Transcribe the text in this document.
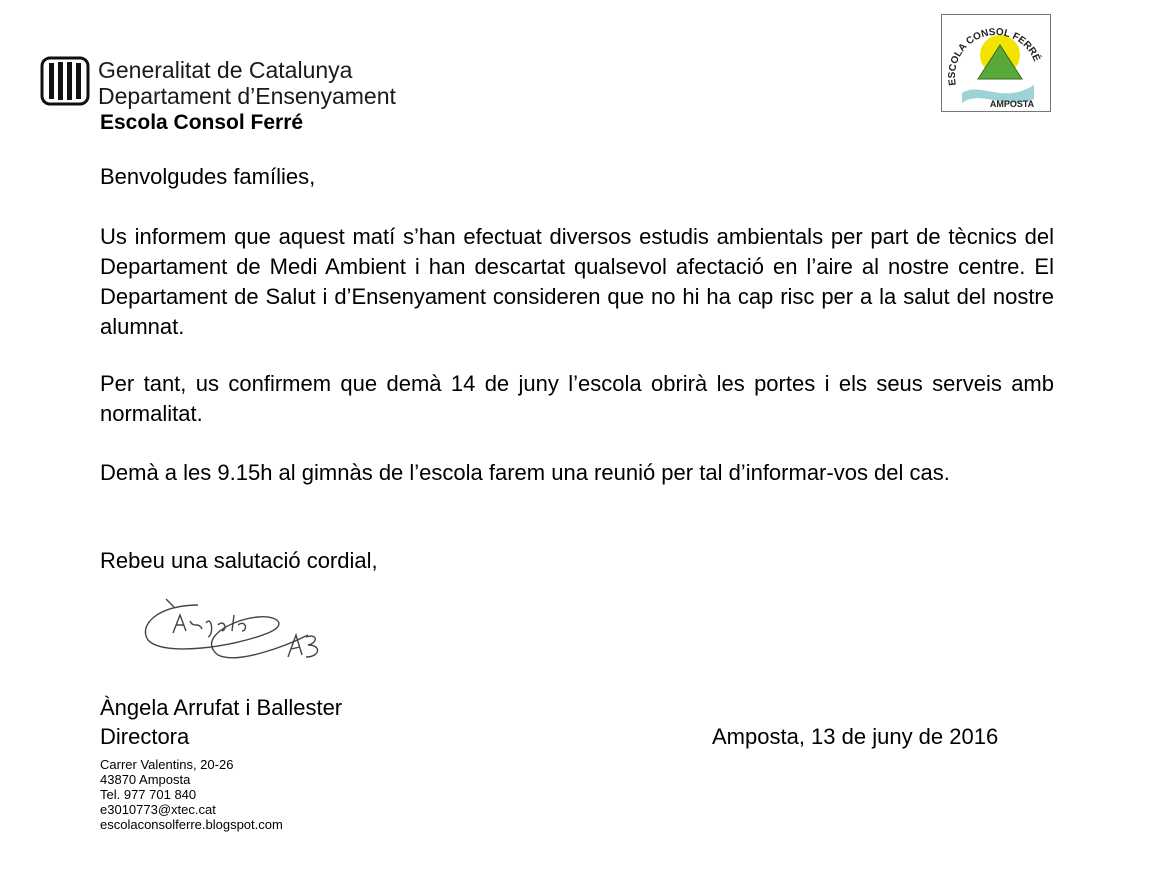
Generalitat de Catalunya
Departament d’Ensenyament
Escola Consol Ferré
ESCOLA CONSOL FERRÉ
AMPOSTA
Benvolgudes famílies,
Us informem que aquest matí s’han efectuat diversos estudis ambientals per part de tècnics del Departament de Medi Ambient i han descartat qualsevol afectació en l’aire al nostre centre. El Departament de Salut i d’Ensenyament consideren que no hi ha cap risc per a la salut del nostre alumnat.
Per tant, us confirmem que demà 14 de juny l’escola obrirà les portes i els seus serveis amb normalitat.
Demà a les 9.15h al gimnàs de l’escola farem una reunió per tal d’informar-vos del cas.
Rebeu una salutació cordial,
Àngela Arrufat i Ballester
Directora	Amposta, 13 de juny de 2016
Carrer Valentins, 20-26
43870 Amposta
Tel. 977 701 840
e3010773@xtec.cat
escolaconsolferre.blogspot.com
